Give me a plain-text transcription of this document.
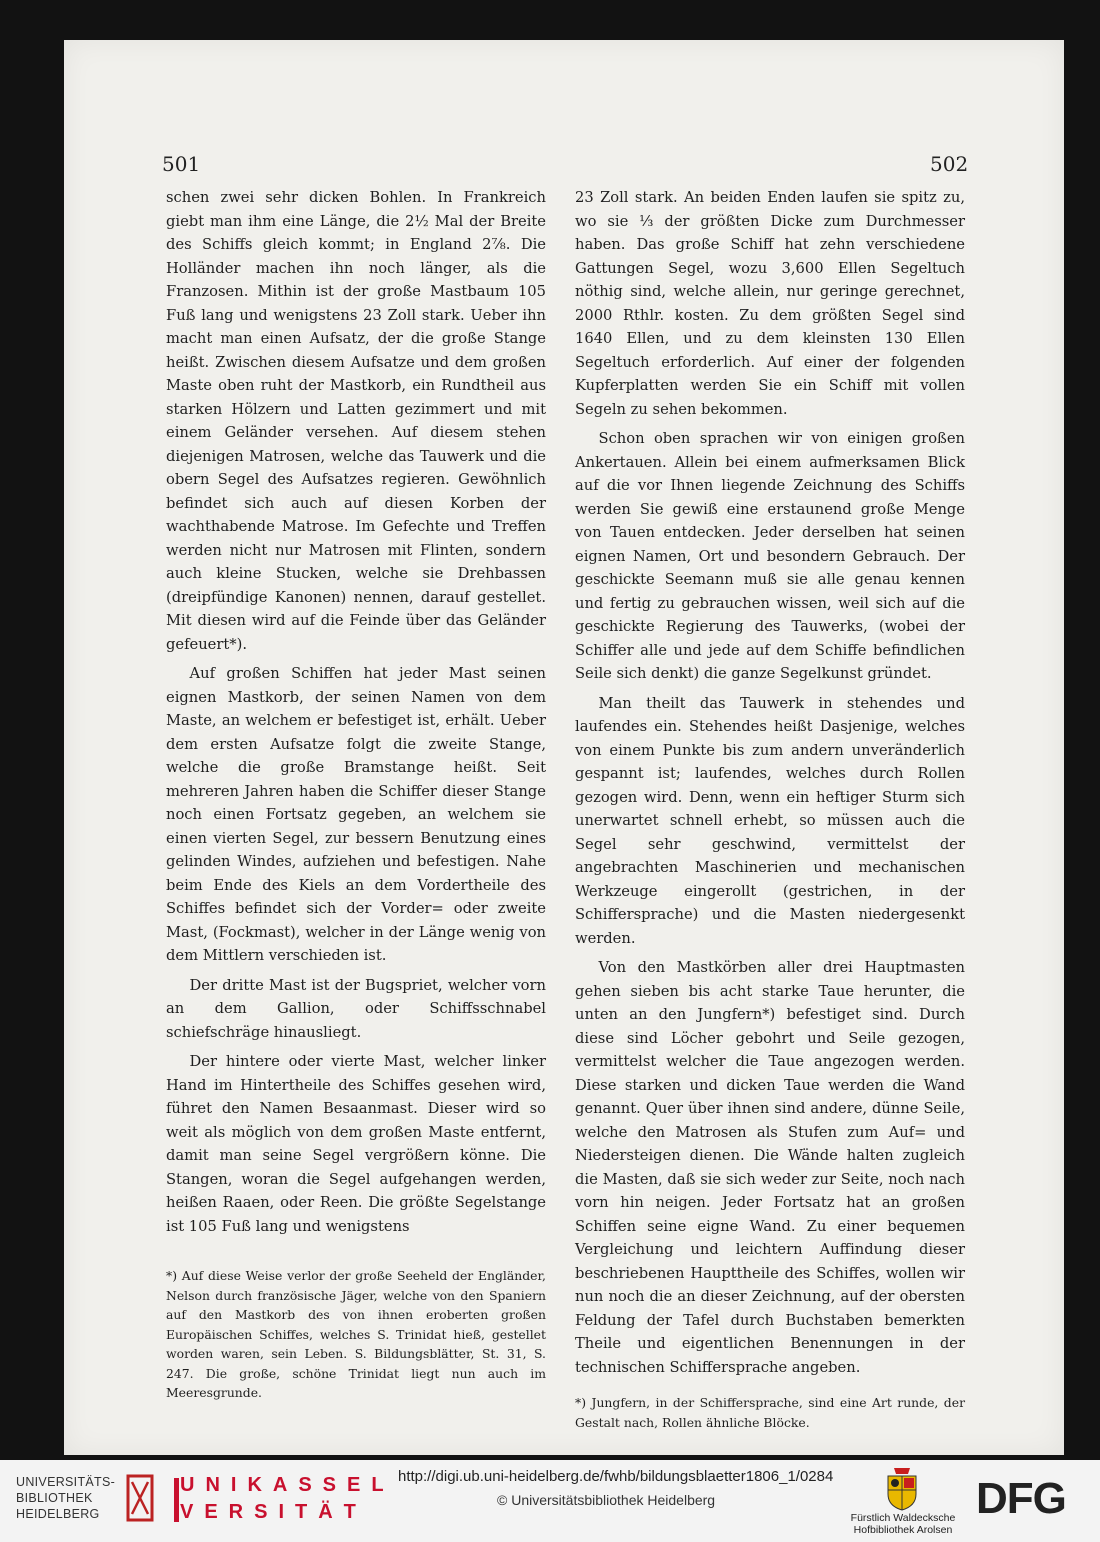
501	502

schen zwei sehr dicken Bohlen. In Frankreich giebt man ihm eine Länge, die 2½ Mal der Breite des Schiffs gleich kommt; in England 2⅞. Die Holländer machen ihn noch länger, als die Franzosen. Mithin ist der große Mastbaum 105 Fuß lang und wenigstens 23 Zoll stark. Ueber ihn macht man einen Aufsatz, der die große Stange heißt. Zwischen diesem Aufsatze und dem großen Maste oben ruht der Mastkorb, ein Rundtheil aus starken Hölzern und Latten gezimmert und mit einem Geländer versehen. Auf diesem stehen diejenigen Matrosen, welche das Tauwerk und die obern Segel des Aufsatzes regieren. Gewöhnlich befindet sich auch auf diesen Korben der wachthabende Matrose. Im Gefechte und Treffen werden nicht nur Matrosen mit Flinten, sondern auch kleine Stucken, welche sie Drehbassen (dreipfündige Kanonen) nennen, darauf gestellet. Mit diesen wird auf die Feinde über das Geländer gefeuert*).

Auf großen Schiffen hat jeder Mast seinen eignen Mastkorb, der seinen Namen von dem Maste, an welchem er befestiget ist, erhält. Ueber dem ersten Aufsatze folgt die zweite Stange, welche die große Bramstange heißt. Seit mehreren Jahren haben die Schiffer dieser Stange noch einen Fortsatz gegeben, an welchem sie einen vierten Segel, zur bessern Benutzung eines gelinden Windes, aufziehen und befestigen. Nahe beim Ende des Kiels an dem Vordertheile des Schiffes befindet sich der Vorder= oder zweite Mast, (Fockmast), welcher in der Länge wenig von dem Mittlern verschieden ist.

Der dritte Mast ist der Bugspriet, welcher vorn an dem Gallion, oder Schiffsschnabel schiefschräge hinausliegt.

Der hintere oder vierte Mast, welcher linker Hand im Hintertheile des Schiffes gesehen wird, führet den Namen Besaanmast. Dieser wird so weit als möglich von dem großen Maste entfernt, damit man seine Segel vergrößern könne. Die Stangen, woran die Segel aufgehangen werden, heißen Raaen, oder Reen. Die größte Segelstange ist 105 Fuß lang und wenigstens

*) Auf diese Weise verlor der große Seeheld der Engländer, Nelson durch französische Jäger, welche von den Spaniern auf den Mastkorb des von ihnen eroberten großen Europäischen Schiffes, welches S. Trinidat hieß, gestellet worden waren, sein Leben. S. Bildungsblätter, St. 31, S. 247. Die große, schöne Trinidat liegt nun auch im Meeresgrunde.

23 Zoll stark. An beiden Enden laufen sie spitz zu, wo sie ⅓ der größten Dicke zum Durchmesser haben. Das große Schiff hat zehn verschiedene Gattungen Segel, wozu 3,600 Ellen Segeltuch nöthig sind, welche allein, nur geringe gerechnet, 2000 Rthlr. kosten. Zu dem größten Segel sind 1640 Ellen, und zu dem kleinsten 130 Ellen Segeltuch erforderlich. Auf einer der folgenden Kupferplatten werden Sie ein Schiff mit vollen Segeln zu sehen bekommen.

Schon oben sprachen wir von einigen großen Ankertauen. Allein bei einem aufmerksamen Blick auf die vor Ihnen liegende Zeichnung des Schiffs werden Sie gewiß eine erstaunend große Menge von Tauen entdecken. Jeder derselben hat seinen eignen Namen, Ort und besondern Gebrauch. Der geschickte Seemann muß sie alle genau kennen und fertig zu gebrauchen wissen, weil sich auf die geschickte Regierung des Tauwerks, (wobei der Schiffer alle und jede auf dem Schiffe befindlichen Seile sich denkt) die ganze Segelkunst gründet.

Man theilt das Tauwerk in stehendes und laufendes ein. Stehendes heißt Dasjenige, welches von einem Punkte bis zum andern unveränderlich gespannt ist; laufendes, welches durch Rollen gezogen wird. Denn, wenn ein heftiger Sturm sich unerwartet schnell erhebt, so müssen auch die Segel sehr geschwind, vermittelst der angebrachten Maschinerien und mechanischen Werkzeuge eingerollt (gestrichen, in der Schiffersprache) und die Masten niedergesenkt werden.

Von den Mastkörben aller drei Hauptmasten gehen sieben bis acht starke Taue herunter, die unten an den Jungfern*) befestiget sind. Durch diese sind Löcher gebohrt und Seile gezogen, vermittelst welcher die Taue angezogen werden. Diese starken und dicken Taue werden die Wand genannt. Quer über ihnen sind andere, dünne Seile, welche den Matrosen als Stufen zum Auf= und Niedersteigen dienen. Die Wände halten zugleich die Masten, daß sie sich weder zur Seite, noch nach vorn hin neigen. Jeder Fortsatz hat an großen Schiffen seine eigne Wand. Zu einer bequemen Vergleichung und leichtern Auffindung dieser beschriebenen Haupttheile des Schiffes, wollen wir nun noch die an dieser Zeichnung, auf der obersten Feldung der Tafel durch Buchstaben bemerkten Theile und eigentlichen Benennungen in der technischen Schiffersprache angeben.

*) Jungfern, in der Schiffersprache, sind eine Art runde, der Gestalt nach, Rollen ähnliche Blöcke.
UNIVERSITÄTS-
BIBLIOTHEK
HEIDELBERG
UNIKASSEL
VERSITÄT
http://digi.ub.uni-heidelberg.de/fwhb/bildungsblaetter1806_1/0284
© Universitätsbibliothek Heidelberg
Fürstlich Waldecksche
Hofbibliothek Arolsen
DFG
